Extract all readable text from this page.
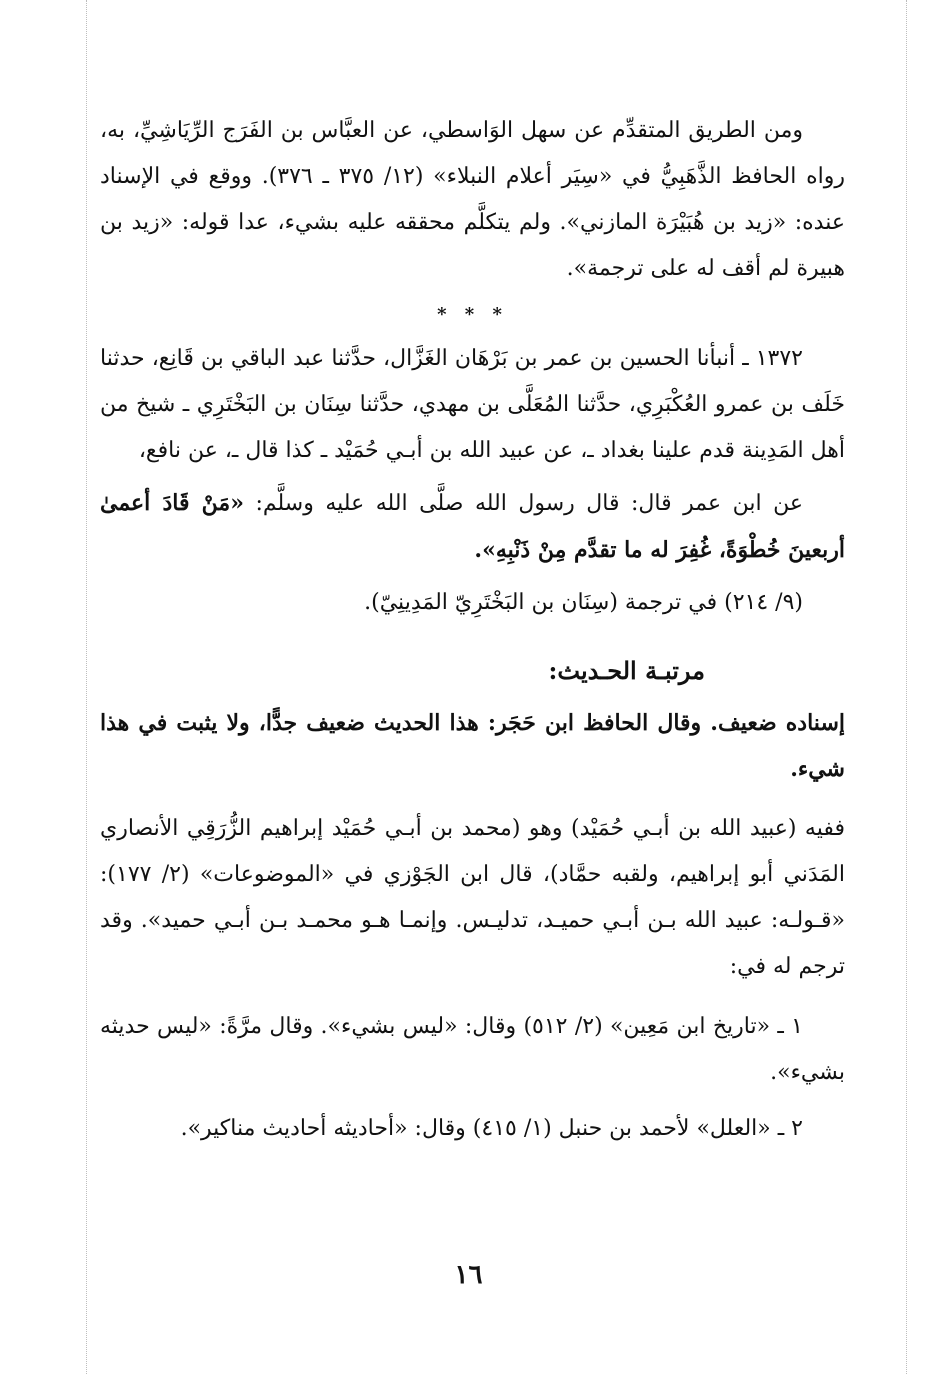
ومن الطريق المتقدِّم عن سهل الوَاسطي، عن العبَّاس بن الفَرَج الرِّيَاشِيِّ، به، رواه الحافظ الذَّهَبِيُّ في «سِيَر أعلام النبلاء» (١٢/ ٣٧٥ ـ ٣٧٦). ووقع في الإسناد عنده: «زيد بن هُبَيْرَة المازني». ولم يتكلَّم محققه عليه بشيء، عدا قوله: «زيد بن هبيرة لم أقف له على ترجمة».

* * *

١٣٧٢ ـ أنبأنا الحسين بن عمر بن بَرْهَان الغَزَّال، حدَّثنا عبد الباقي بن قَانِع، حدثنا خَلَف بن عمرو العُكْبَرِي، حدَّثنا المُعَلَّى بن مهدي، حدَّثنا سِنَان بن البَخْتَرِي ـ شيخ من أهل المَدِينة قدم علينا بغداد ـ، عن عبيد الله بن أبـي حُمَيْد ـ كذا قال ـ، عن نافع،

عن ابن عمر قال: قال رسول الله صلَّى الله عليه وسلَّم: «مَنْ قَادَ أعمىٰ أربعينَ خُطْوَةً، غُفِرَ له ما تقدَّم مِنْ ذَنْبِهِ».

(٩/ ٢١٤) في ترجمة (سِنَان بن البَخْتَرِيّ المَدِينِيّ).

مرتبـة الحـديث:

إسناده ضعيف. وقال الحافظ ابن حَجَر: هذا الحديث ضعيف جدًّا، ولا يثبت في هذا شيء.

ففيه (عبيد الله بن أبـي حُمَيْد) وهو (محمد بن أبـي حُمَيْد إبراهيم الزُّرَقِي الأنصاري المَدَني أبو إبراهيم، ولقبه حمَّاد)، قال ابن الجَوْزي في «الموضوعات» (٢/ ١٧٧): «قـولـه: عبيد الله بـن أبـي حميـد، تدليـس. وإنمـا هـو محمـد بـن أبـي حميد». وقد ترجم له في:

١ ـ «تاريخ ابن مَعِين» (٢/ ٥١٢) وقال: «ليس بشيء». وقال مرَّةً: «ليس حديثه بشيء».

٢ ـ «العلل» لأحمد بن حنبل (١/ ٤١٥) وقال: «أحاديثه أحاديث مناكير».

١٦
